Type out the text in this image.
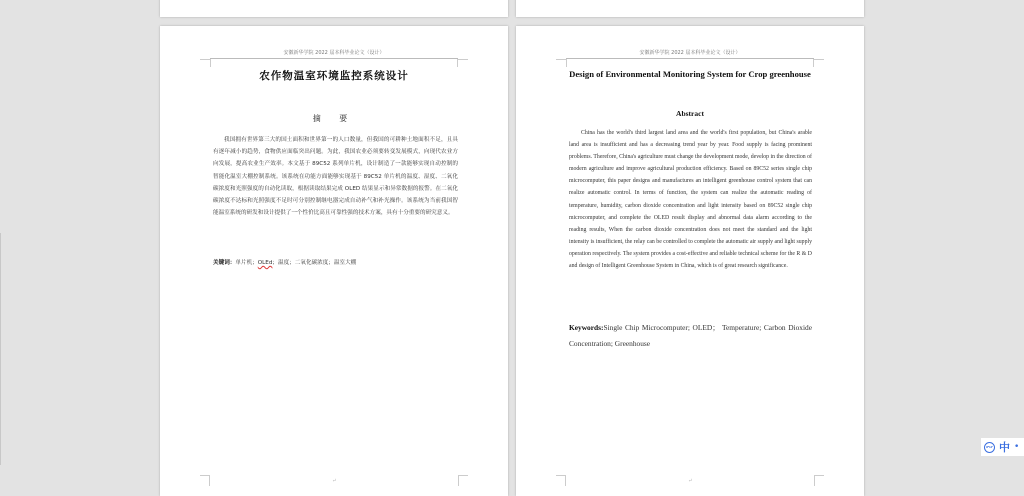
安徽新华学院 2022 届本科毕业论文（设计）
农作物温室环境监控系统设计
摘 要
我国拥有世界第三大的国土面积和世界第一的人口数量，但我国的可耕种土地面积不足，且具有逐年减小的趋势，食物供应面临突出问题。为此，我国农业必须要转变发展模式，向现代农业方向发展，提高农业生产效率。本文基于 89C52 系列单片机，设计制造了一款能够实现自动控制的智能化温室大棚控制系统。该系统在功能方面能够实现基于 89C52 单片机的温度、湿度、二氧化碳浓度和光照强度的自动化读取，根据读取结果完成 OLED 结果显示和异常数据的报警。在二氧化碳浓度不达标和光照强度不足时可分别控制继电器完成自动补气和补光操作。该系统为当前我国智能温室系统的研发和设计提供了一个性价比高且可靠性强的技术方案，具有十分重要的研究意义。
关键词：单片机；OLEd；温度；二氧化碳浓度；温室大棚
↵
安徽新华学院 2022 届本科毕业论文（设计）
Design of Environmental Monitoring System for Crop greenhouse
Abstract
China has the world's third largest land area and the world's first population, but China's arable land area is insufficient and has a decreasing trend year by year. Food supply is facing prominent problems. Therefore, China's agriculture must change the development mode, develop in the direction of modern agriculture and improve agricultural production efficiency. Based on 89C52 series single chip microcomputer, this paper designs and manufactures an intelligent greenhouse control system that can realize automatic control. In terms of function, the system can realize the automatic reading of temperature, humidity, carbon dioxide concentration and light intensity based on 89C52 single chip microcomputer, and complete the OLED result display and abnormal data alarm according to the reading results, When the carbon dioxide concentration does not meet the standard and the light intensity is insufficient, the relay can be controlled to complete the automatic air supply and light supply operation respectively. The system provides a cost-effective and reliable technical scheme for the R & D and design of Intelligent Greenhouse System in China, which is of great research significance.
Keywords:Single Chip Microcomputer; OLED； Temperature; Carbon Dioxide Concentration; Greenhouse
↵
iFLY 中 •
